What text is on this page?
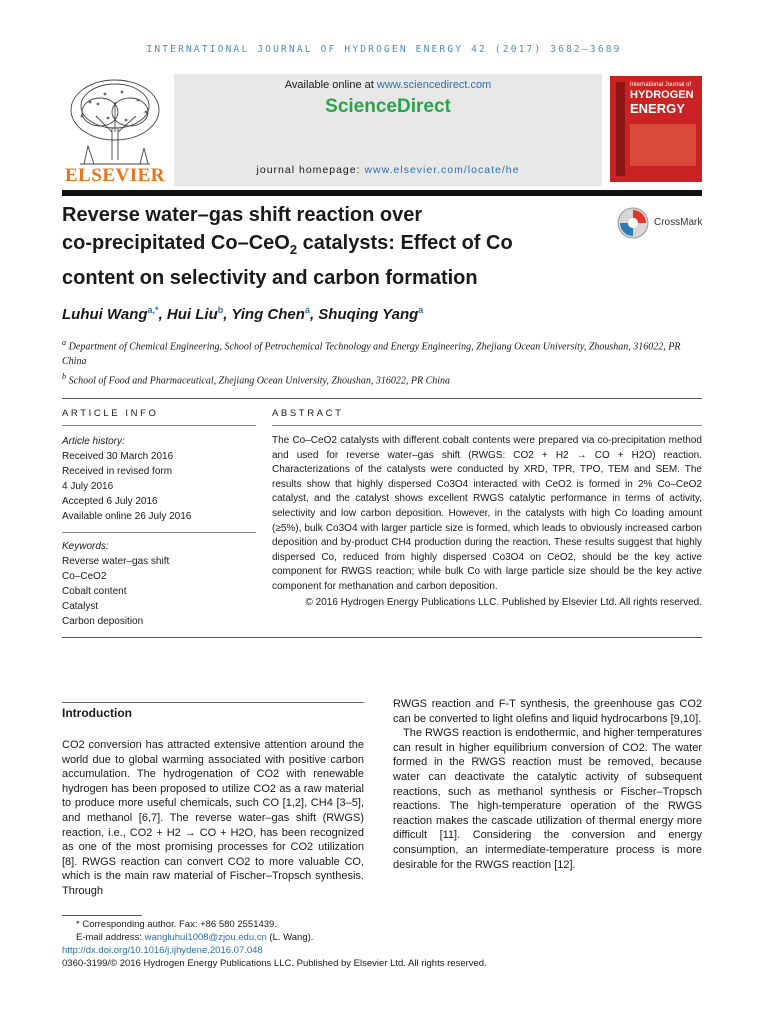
INTERNATIONAL JOURNAL OF HYDROGEN ENERGY 42 (2017) 3682–3689
ELSEVIER
Available online at www.sciencedirect.com
ScienceDirect
journal homepage: www.elsevier.com/locate/he
International Journal of
HYDROGEN
ENERGY
Reverse water–gas shift reaction over
co-precipitated Co–CeO$_2$ catalysts: Effect of Co
content on selectivity and carbon formation
CrossMark
Luhui Wang$^{a,*}$, Hui Liu$^b$, Ying Chen$^a$, Shuqing Yang$^a$
$^a$ Department of Chemical Engineering, School of Petrochemical Technology and Energy Engineering, Zhejiang Ocean University, Zhoushan, 316022, PR China
$^b$ School of Food and Pharmaceutical, Zhejiang Ocean University, Zhoushan, 316022, PR China
ARTICLE INFO	ABSTRACT
Article history:
Received 30 March 2016
Received in revised form
4 July 2016
Accepted 6 July 2016
Available online 26 July 2016
Keywords:
Reverse water–gas shift
Co–CeO2
Cobalt content
Catalyst
Carbon deposition
The Co–CeO2 catalysts with different cobalt contents were prepared via co-precipitation method and used for reverse water–gas shift (RWGS: CO2 + H2 → CO + H2O) reaction. Characterizations of the catalysts were conducted by XRD, TPR, TPO, TEM and SEM. The results show that highly dispersed Co3O4 interacted with CeO2 is formed in 2% Co–CeO2 catalyst, and the catalyst shows excellent RWGS catalytic performance in terms of activity, selectivity and low carbon deposition. However, in the catalysts with high Co loading amount (≥5%), bulk Co3O4 with larger particle size is formed, which leads to obviously increased carbon deposition and by-product CH4 production during the reaction. These results suggest that highly dispersed Co, reduced from highly dispersed Co3O4 on CeO2, should be the key active component for RWGS reaction; while bulk Co with large particle size should be the key active component for methanation and carbon deposition.
© 2016 Hydrogen Energy Publications LLC. Published by Elsevier Ltd. All rights reserved.
Introduction

CO2 conversion has attracted extensive attention around the world due to global warming associated with positive carbon accumulation. The hydrogenation of CO2 with renewable hydrogen has been proposed to utilize CO2 as a raw material to produce more useful chemicals, such CO [1,2], CH4 [3–5], and methanol [6,7]. The reverse water–gas shift (RWGS) reaction, i.e., CO2 + H2 → CO + H2O, has been recognized as one of the most promising processes for CO2 utilization [8]. RWGS reaction can convert CO2 to more valuable CO, which is the main raw material of Fischer–Tropsch synthesis. Through

RWGS reaction and F-T synthesis, the greenhouse gas CO2 can be converted to light olefins and liquid hydrocarbons [9,10].

The RWGS reaction is endothermic, and higher temperatures can result in higher equilibrium conversion of CO2. The water formed in the RWGS reaction must be removed, because water can deactivate the catalytic activity of subsequent reactions, such as methanol synthesis or Fischer–Tropsch reactions. The high-temperature operation of the RWGS reaction makes the cascade utilization of thermal energy more difficult [11]. Considering the conversion and energy consumption, an intermediate-temperature process is more desirable for the RWGS reaction [12].

* Corresponding author. Fax: +86 580 2551439.
E-mail address: wangluhui1008@zjou.edu.cn (L. Wang).
http://dx.doi.org/10.1016/j.ijhydene.2016.07.048
0360-3199/© 2016 Hydrogen Energy Publications LLC. Published by Elsevier Ltd. All rights reserved.
